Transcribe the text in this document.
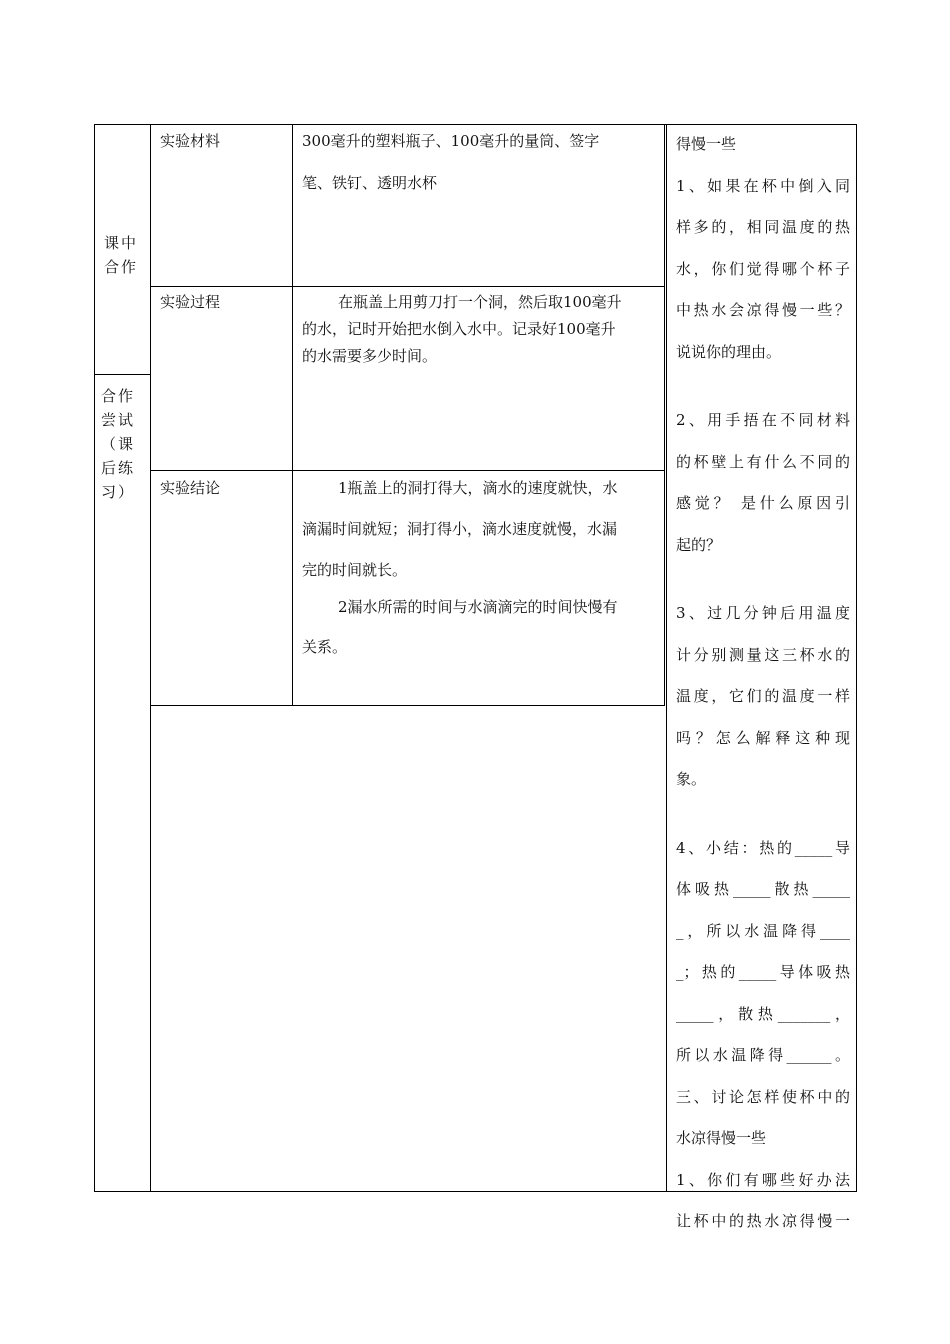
课中合作
合作尝试（课后练习）
实验材料	300毫升的塑料瓶子、100毫升的量筒、签字
笔、铁钉、透明水杯
实验过程	在瓶盖上用剪刀打一个洞，然后取100毫升
的水，记时开始把水倒入水中。记录好100毫升
的水需要多少时间。
实验结论	1瓶盖上的洞打得大，滴水的速度就快，水
滴漏时间就短；洞打得小，滴水速度就慢，水漏
完的时间就长。
2漏水所需的时间与水滴滴完的时间快慢有
关系。

得慢一些

1、如果在杯中倒入同

样多的，相同温度的热

水，你们觉得哪个杯子

中热水会凉得慢一些？

说说你的理由。

2、用手捂在不同材料

的杯壁上有什么不同的

感觉？ 是什么原因引

起的？

3、过几分钟后用温度

计分别测量这三杯水的

温度，它们的温度一样

吗？怎么解释这种现

象。

4、小结：热的_____导

体吸热_____散热_____

_，所以水温降得____

_；热的_____导体吸热

_____，散热_______，

所以水温降得______。

三、讨论怎样使杯中的

水凉得慢一些

1、你们有哪些好办法

让杯中的热水凉得慢一
